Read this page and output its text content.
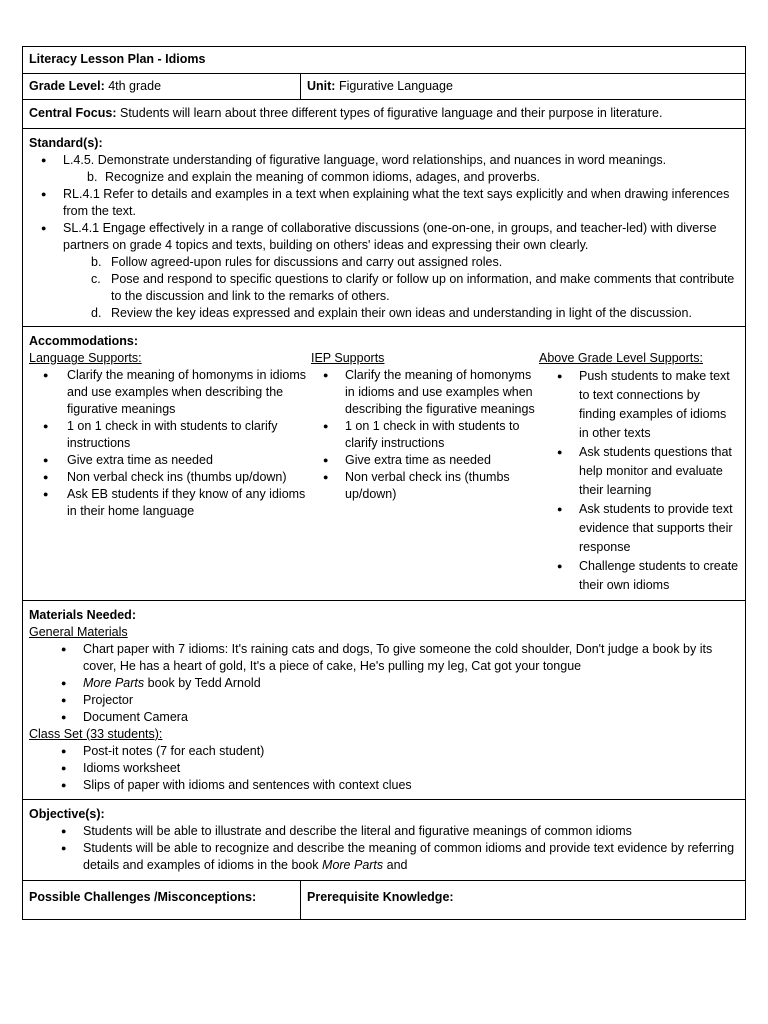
Literacy Lesson Plan - Idioms
Grade Level: 4th grade	Unit: Figurative Language
Central Focus: Students will learn about three different types of figurative language and their purpose in literature.
Standard(s):
● L.4.5. Demonstrate understanding of figurative language, word relationships, and nuances in word meanings.
b. Recognize and explain the meaning of common idioms, adages, and proverbs.
● RL.4.1 Refer to details and examples in a text when explaining what the text says explicitly and when drawing inferences from the text.
● SL.4.1 Engage effectively in a range of collaborative discussions (one-on-one, in groups, and teacher-led) with diverse partners on grade 4 topics and texts, building on others' ideas and expressing their own clearly.
b. Follow agreed-upon rules for discussions and carry out assigned roles.
c. Pose and respond to specific questions to clarify or follow up on information, and make comments that contribute to the discussion and link to the remarks of others.
d. Review the key ideas expressed and explain their own ideas and understanding in light of the discussion.
Accommodations:
Language Supports:
● Clarify the meaning of homonyms in idioms and use examples when describing the figurative meanings
● 1 on 1 check in with students to clarify instructions
● Give extra time as needed
● Non verbal check ins (thumbs up/down)
● Ask EB students if they know of any idioms in their home language
IEP Supports
● Clarify the meaning of homonyms in idioms and use examples when describing the figurative meanings
● 1 on 1 check in with students to clarify instructions
● Give extra time as needed
● Non verbal check ins (thumbs up/down)
Above Grade Level Supports:
● Push students to make text to text connections by finding examples of idioms in other texts
● Ask students questions that help monitor and evaluate their learning
● Ask students to provide text evidence that supports their response
● Challenge students to create their own idioms
Materials Needed:
General Materials
● Chart paper with 7 idioms: It's raining cats and dogs, To give someone the cold shoulder, Don't judge a book by its cover, He has a heart of gold, It's a piece of cake, He's pulling my leg, Cat got your tongue
● More Parts book by Tedd Arnold
● Projector
● Document Camera
Class Set (33 students):
● Post-it notes (7 for each student)
● Idioms worksheet
● Slips of paper with idioms and sentences with context clues
Objective(s):
● Students will be able to illustrate and describe the literal and figurative meanings of common idioms
● Students will be able to recognize and describe the meaning of common idioms and provide text evidence by referring details and examples of idioms in the book More Parts and
Possible Challenges /Misconceptions:	Prerequisite Knowledge:
